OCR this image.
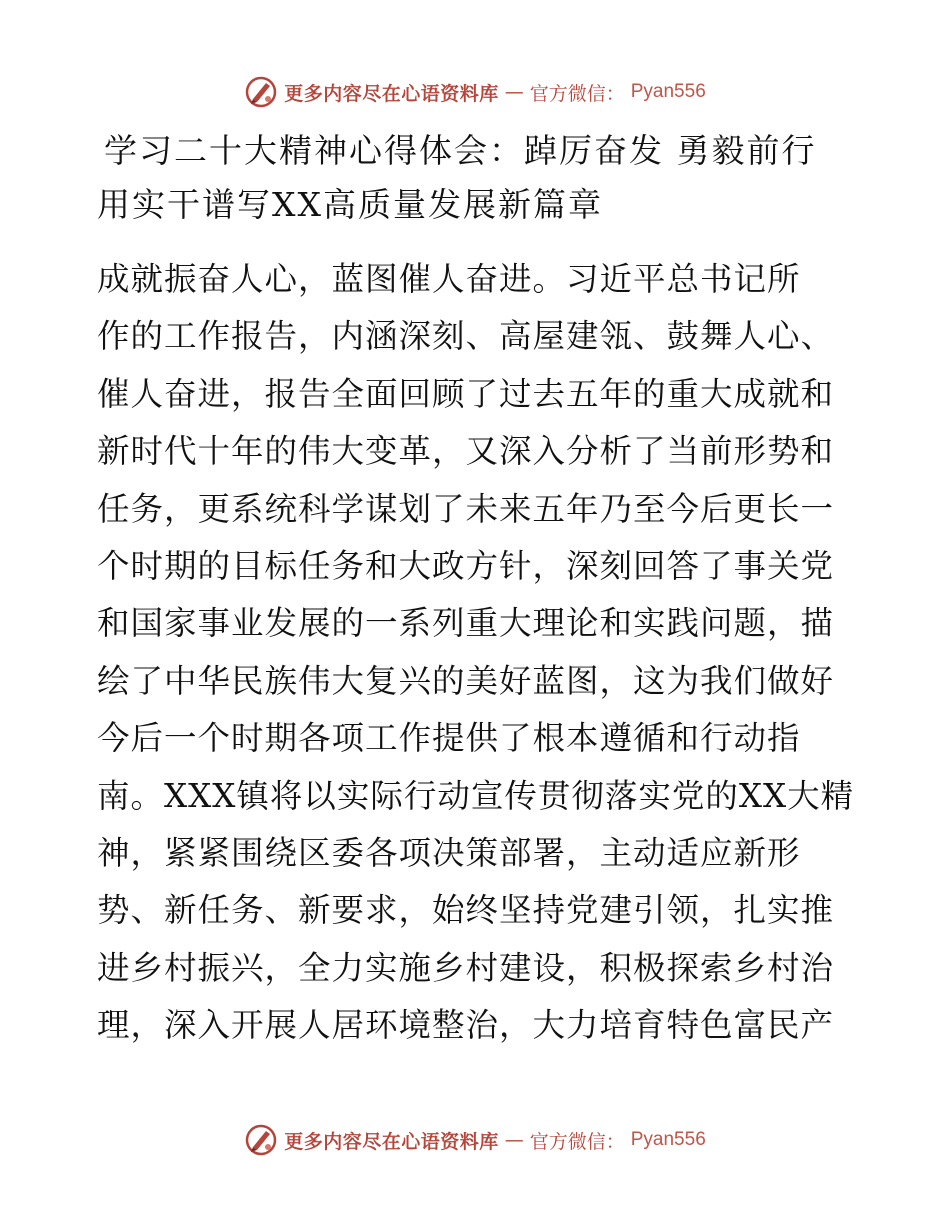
更多内容尽在心语资料库 — 官方微信： Pyan556
学习二十大精神心得体会：踔厉奋发 勇毅前行
用实干谱写XX高质量发展新篇章
成就振奋人心，蓝图催人奋进。习近平总书记所
作的工作报告，内涵深刻、高屋建瓴、鼓舞人心、
催人奋进，报告全面回顾了过去五年的重大成就和
新时代十年的伟大变革，又深入分析了当前形势和
任务，更系统科学谋划了未来五年乃至今后更长一
个时期的目标任务和大政方针，深刻回答了事关党
和国家事业发展的一系列重大理论和实践问题，描
绘了中华民族伟大复兴的美好蓝图，这为我们做好
今后一个时期各项工作提供了根本遵循和行动指
南。XXX镇将以实际行动宣传贯彻落实党的XX大精
神，紧紧围绕区委各项决策部署，主动适应新形
势、新任务、新要求，始终坚持党建引领，扎实推
进乡村振兴，全力实施乡村建设，积极探索乡村治
理，深入开展人居环境整治，大力培育特色富民产
更多内容尽在心语资料库 — 官方微信： Pyan556
